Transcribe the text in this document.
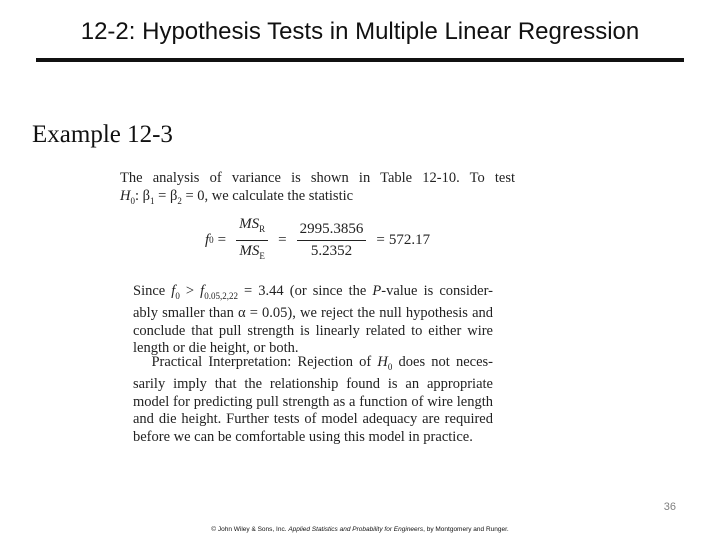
12-2: Hypothesis Tests in Multiple Linear Regression
Example 12-3
The analysis of variance is shown in Table 12-10. To test
$H_0$: $\beta_1 = \beta_2 = 0$, we calculate the statistic
f $0 = \frac{MS_R}{MS_E} = \frac{2995.3856}{5.2352} = 572.17$
Since $f_0 > f_{0.05,2,22} = 3.44$ (or since the P-value is consider-
ably smaller than α = 0.05), we reject the null hypothesis and
conclude that pull strength is linearly related to either wire
length or die height, or both.
Practical Interpretation: Rejection of $H_0$ does not neces-
sarily imply that the relationship found is an appropriate
model for predicting pull strength as a function of wire length
and die height. Further tests of model adequacy are required
before we can be comfortable using this model in practice.
36
© John Wiley & Sons, Inc. Applied Statistics and Probability for Engineers, by Montgomery and Runger.
